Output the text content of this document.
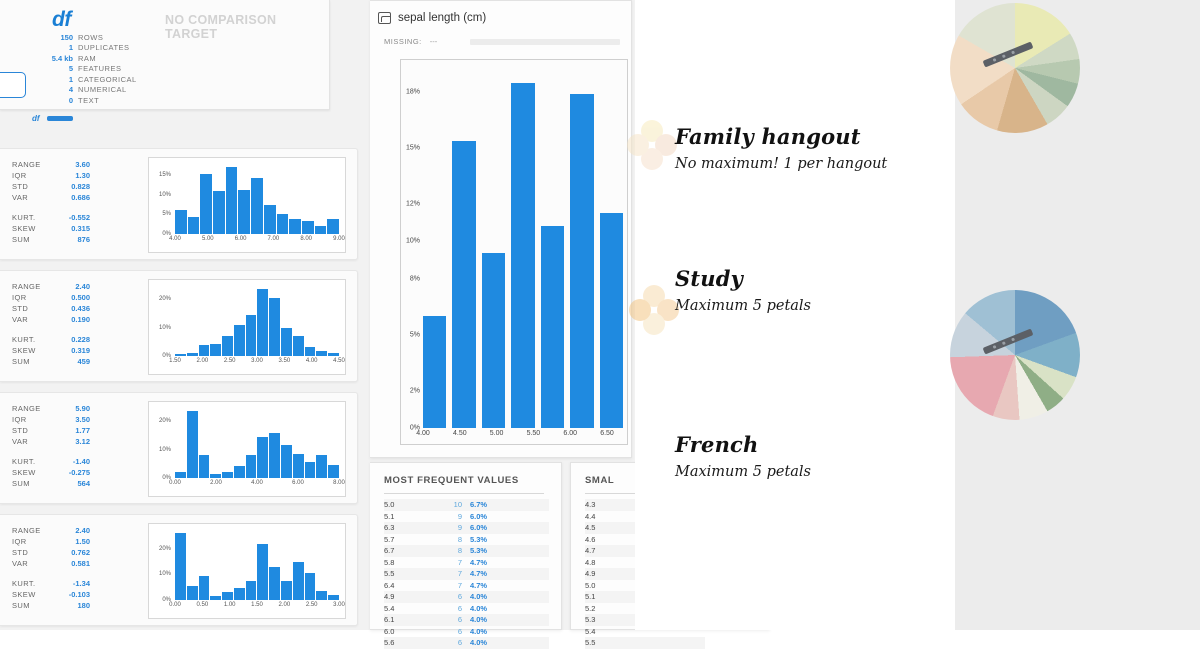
df	NO COMPARISON TARGET
150 ROWS
1 DUPLICATES
5.4 kb RAM
5 FEATURES
1 CATEGORICAL
4 NUMERICAL
0 TEXT
df
RANGE	3.60
IQR	1.30
STD	0.828
VAR	0.686
KURT.	-0.552
SKEW	0.315
SUM	876
0%
5%
10%
15%
4.00	5.00	6.00	7.00	8.00	9.00
RANGE	2.40
IQR	0.500
STD	0.436
VAR	0.190
KURT.	0.228
SKEW	0.319
SUM	459
0%
10%
20%
1.50	2.00	2.50	3.00	3.50	4.00	4.50
RANGE	5.90
IQR	3.50
STD	1.77
VAR	3.12
KURT.	-1.40
SKEW	-0.275
SUM	564
0%
10%
20%
0.00	2.00	4.00	6.00	8.00
RANGE	2.40
IQR	1.50
STD	0.762
VAR	0.581
KURT.	-1.34
SKEW	-0.103
SUM	180
0%
10%
20%
0.00	0.50	1.00	1.50	2.00	2.50	3.00
sepal length (cm)
MISSING: ---
0%
2%
5%
8%
10%
12%
15%
18%
4.00	4.50	5.00	5.50	6.00	6.50
MOST FREQUENT VALUES
5.0	10	6.7%
5.1	9	6.0%
6.3	9	6.0%
5.7	8	5.3%
6.7	8	5.3%
5.8	7	4.7%
5.5	7	4.7%
6.4	7	4.7%
4.9	6	4.0%
5.4	6	4.0%
6.1	6	4.0%
6.0	6	4.0%
5.6	6	4.0%
SMAL
4.3
4.4
4.5
4.6
4.7
4.8
4.9
5.0
5.1
5.2
5.3
5.4
5.5
Family hangout
No maximum! 1 per hangout
Study
Maximum 5 petals
French
Maximum 5 petals
